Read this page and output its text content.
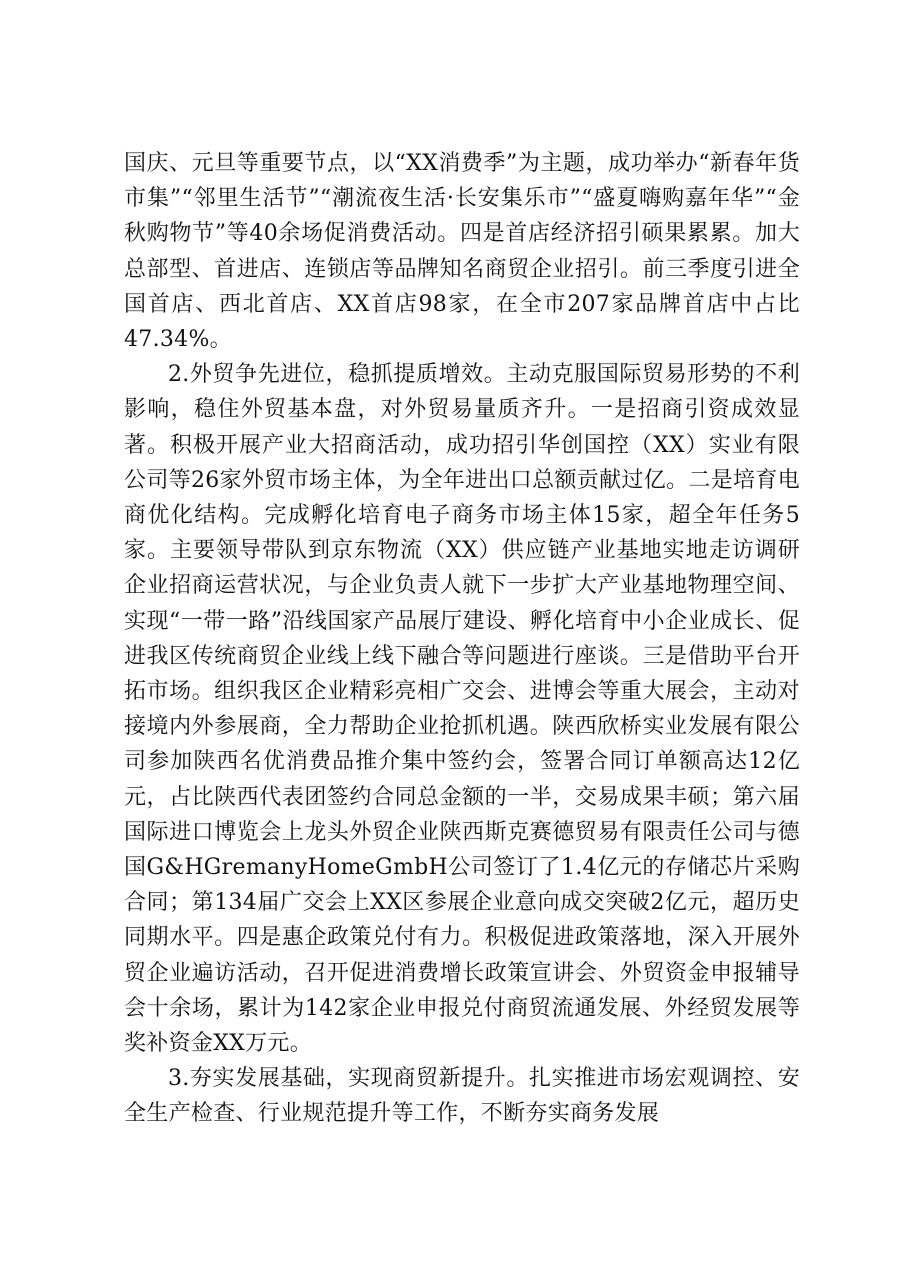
国庆、元旦等重要节点，以“XX消费季”为主题，成功举办“新春年货市集”“邻里生活节”“潮流夜生活·长安集乐市”“盛夏嗨购嘉年华”“金秋购物节”等40余场促消费活动。四是首店经济招引硕果累累。加大总部型、首进店、连锁店等品牌知名商贸企业招引。前三季度引进全国首店、西北首店、XX首店98家，在全市207家品牌首店中占比47.34%。

2.外贸争先进位，稳抓提质增效。主动克服国际贸易形势的不利影响，稳住外贸基本盘，对外贸易量质齐升。一是招商引资成效显著。积极开展产业大招商活动，成功招引华创国控（XX）实业有限公司等26家外贸市场主体，为全年进出口总额贡献过亿。二是培育电商优化结构。完成孵化培育电子商务市场主体15家，超全年任务5家。主要领导带队到京东物流（XX）供应链产业基地实地走访调研企业招商运营状况，与企业负责人就下一步扩大产业基地物理空间、实现“一带一路”沿线国家产品展厅建设、孵化培育中小企业成长、促进我区传统商贸企业线上线下融合等问题进行座谈。三是借助平台开拓市场。组织我区企业精彩亮相广交会、进博会等重大展会，主动对接境内外参展商，全力帮助企业抢抓机遇。陕西欣桥实业发展有限公司参加陕西名优消费品推介集中签约会，签署合同订单额高达12亿元，占比陕西代表团签约合同总金额的一半，交易成果丰硕；第六届国际进口博览会上龙头外贸企业陕西斯克赛德贸易有限责任公司与德国G&HGremanyHomeGmbH公司签订了1.4亿元的存储芯片采购合同；第134届广交会上XX区参展企业意向成交突破2亿元，超历史同期水平。四是惠企政策兑付有力。积极促进政策落地，深入开展外贸企业遍访活动，召开促进消费增长政策宣讲会、外贸资金申报辅导会十余场，累计为142家企业申报兑付商贸流通发展、外经贸发展等奖补资金XX万元。

3.夯实发展基础，实现商贸新提升。扎实推进市场宏观调控、安全生产检查、行业规范提升等工作，不断夯实商务发展
